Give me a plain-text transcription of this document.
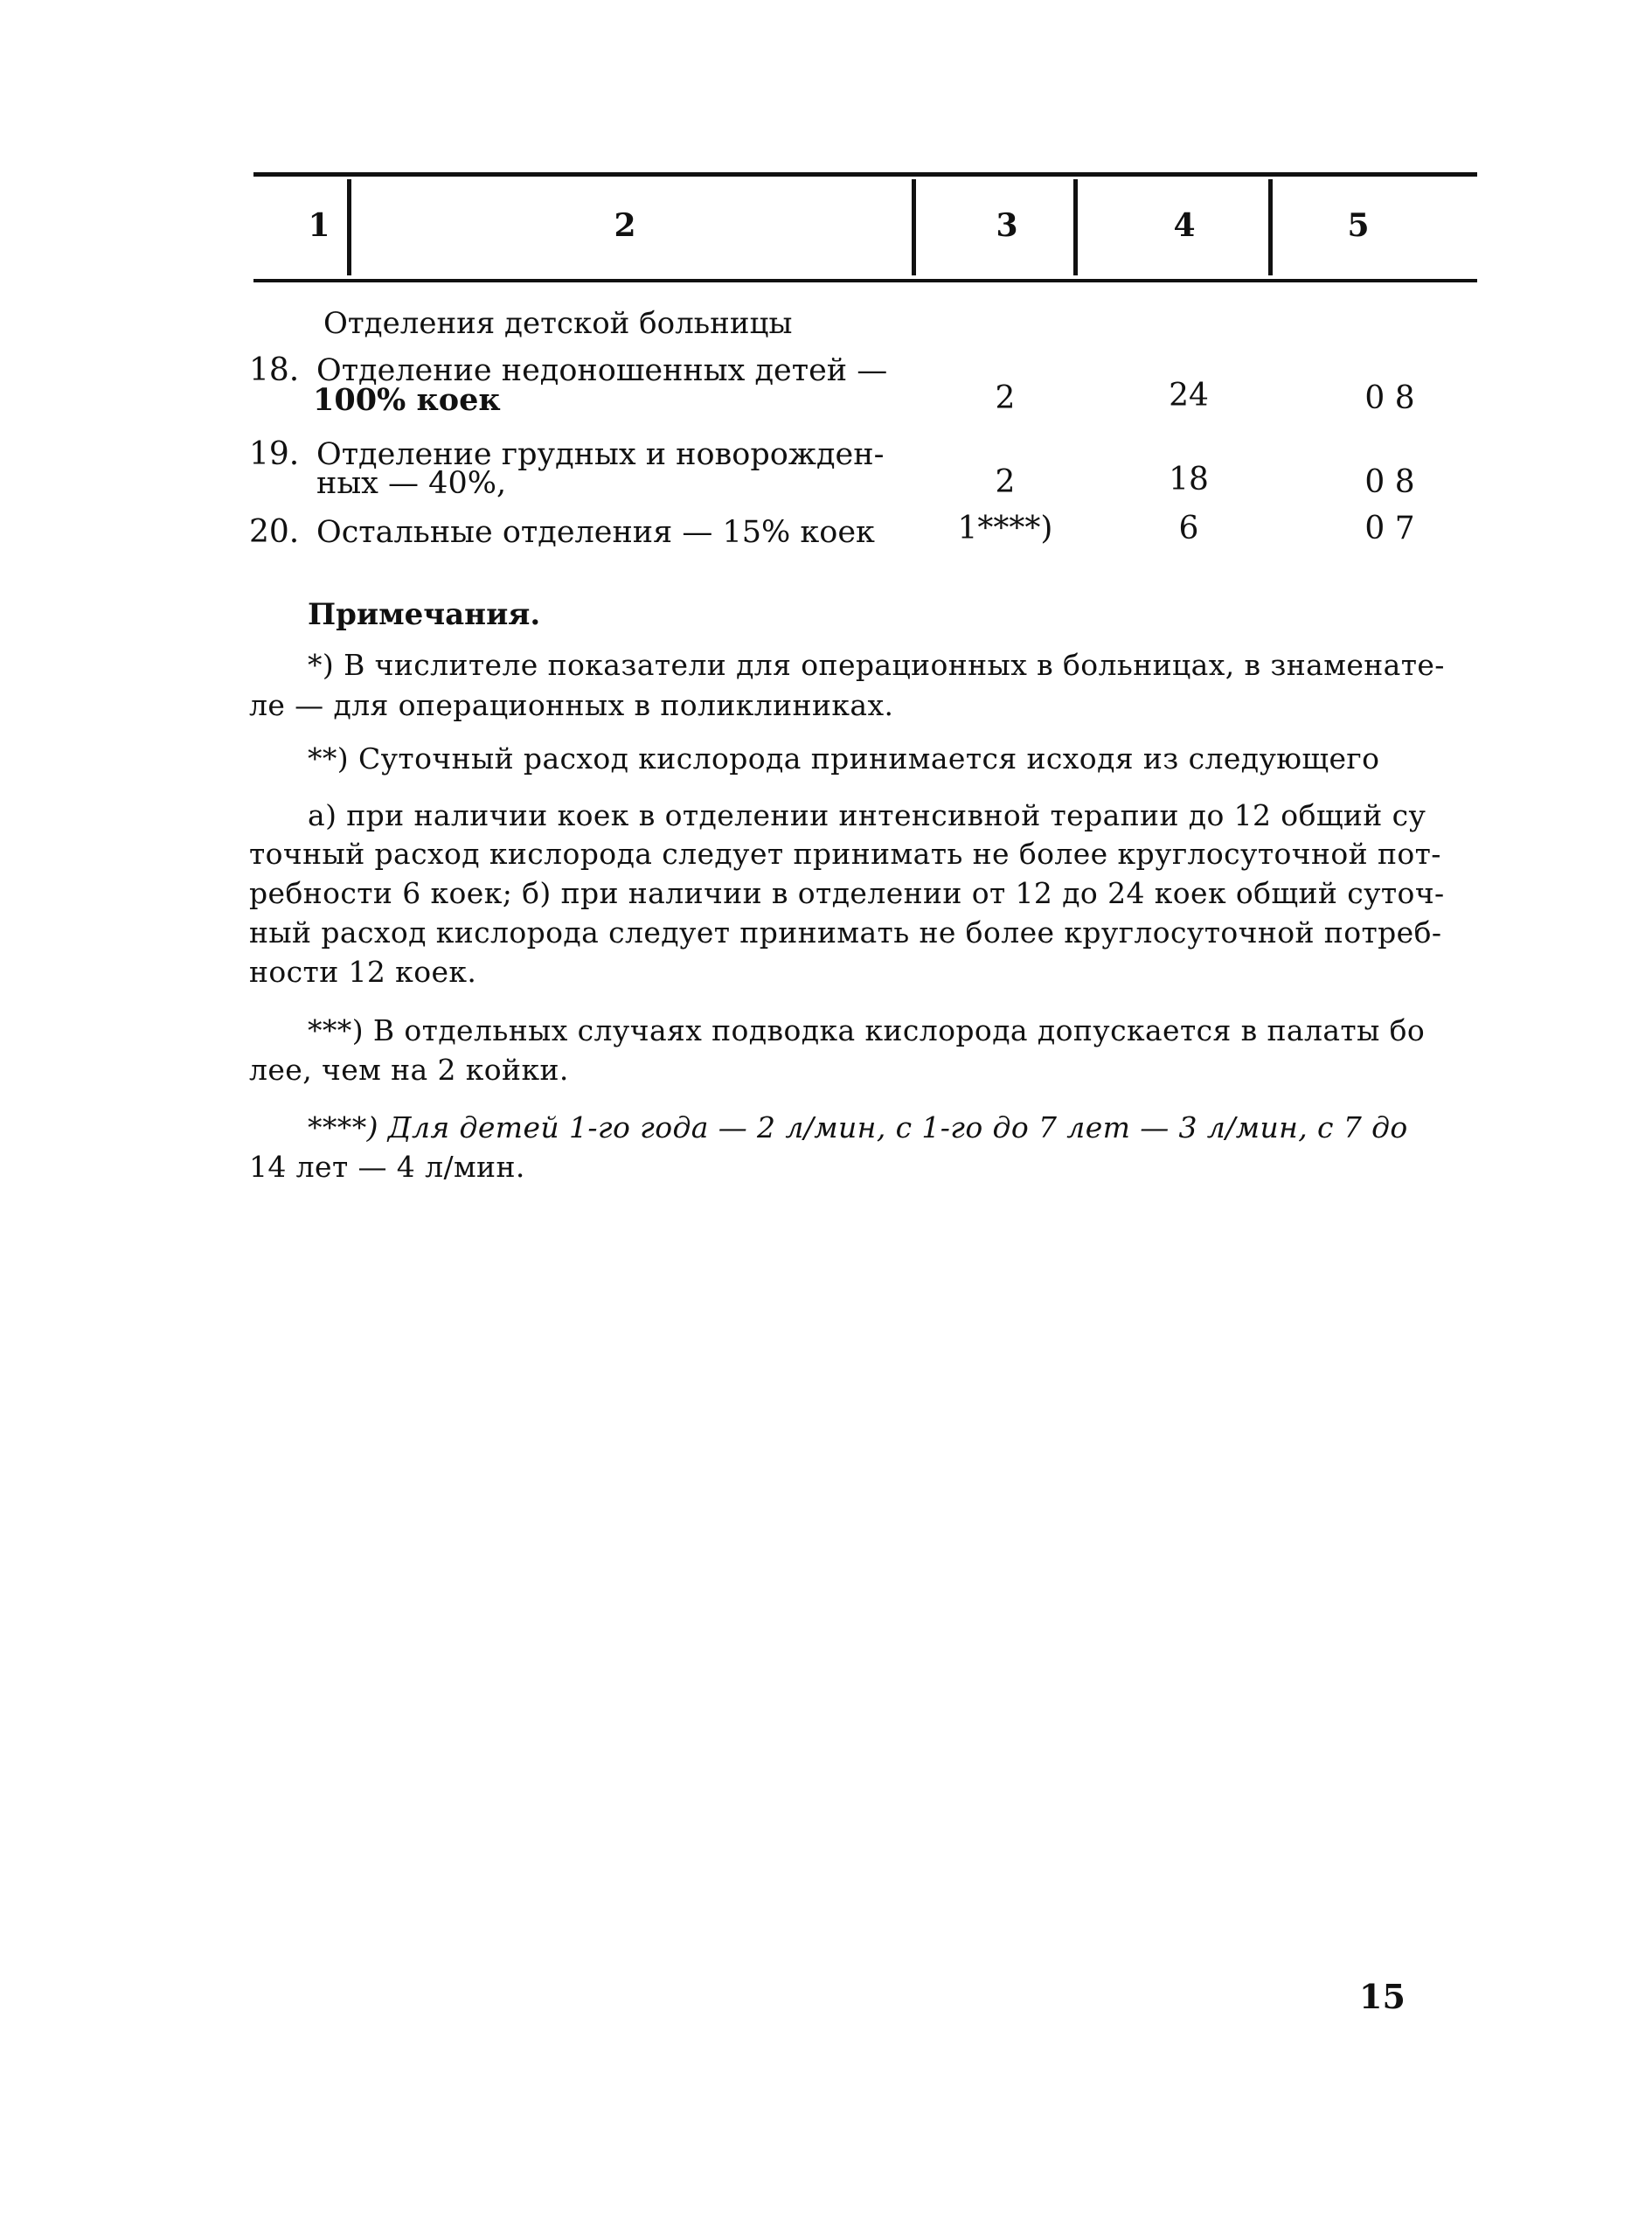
1	2	3	4	5
Отделения детской больницы
18. Отделение недоношенных детей —
100% коек	2	24	0 8
19. Отделение грудных и новорожден-
ных — 40%,	2	18	0 8
20. Остальные отделения — 15% коек	1****)	6	0 7
Примечания.
*) В числителе показатели для операционных в больницах, в знаменате-
ле — для операционных в поликлиниках.
**) Суточный расход кислорода принимается исходя из следующего
а) при наличии коек в отделении интенсивной терапии до 12 общий су
точный расход кислорода следует принимать не более круглосуточной пот-
ребности 6 коек; б) при наличии в отделении от 12 до 24 коек общий суточ-
ный расход кислорода следует принимать не более круглосуточной потреб-
ности 12 коек.
***) В отдельных случаях подводка кислорода допускается в палаты бо
лее, чем на 2 койки.
****) Для детей 1-го года — 2 л/мин, с 1-го до 7 лет — 3 л/мин, с 7 до
14 лет — 4 л/мин.
15
